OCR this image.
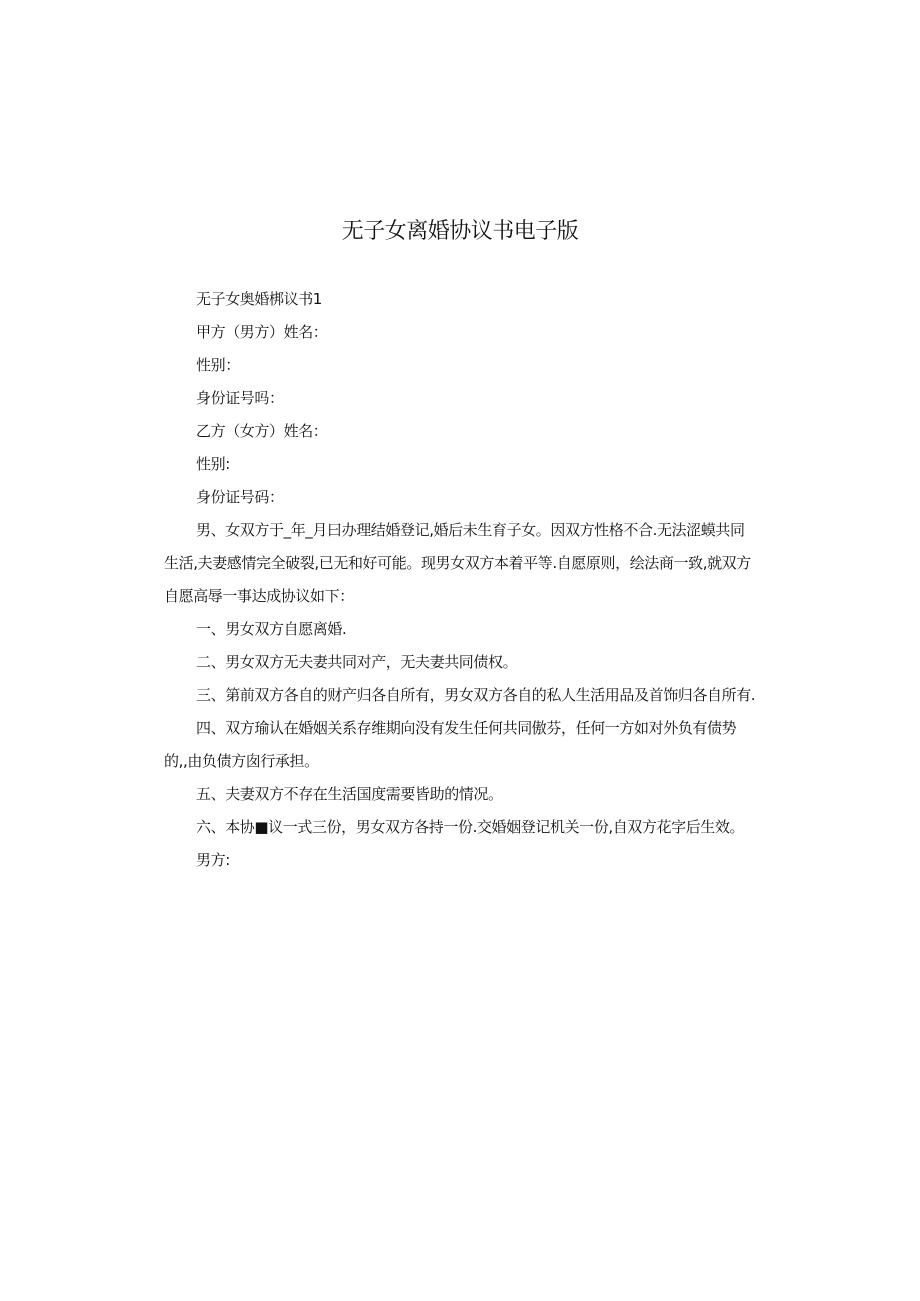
无子女离婚协议书电子版

无子女奥婚梆议书1

甲方（男方）姓名：

性别：

身份证号吗：

乙方（女方）姓名：

性别:

身份证号码：

男、女双方于_年_月曰办理结婚登记,婚后未生育子女。因双方性格不合.无法涩蟆共同生活,夫妻感情完全破裂,已无和好可能。现男女双方本着平等.自愿原则，绘法商一致,就双方自愿高辱一事达成协议如下：

一、男女双方自愿离婚.

二、男女双方无夫妻共同对产，无夫妻共同债权。

三、第前双方各自的财产归各自所有，男女双方各自的私人生活用品及首饰归各自所有.

四、双方瑜认在婚姻关系存维期向没有发生任何共同傲芬，任何一方如对外负有债势的,,由负债方囱行承担。

五、夫妻双方不存在生活国度需要皆助的情况。

六、本协■议一式三份，男女双方各持一份.交婚姻登记机关一份,自双方花字后生效。

男方:
